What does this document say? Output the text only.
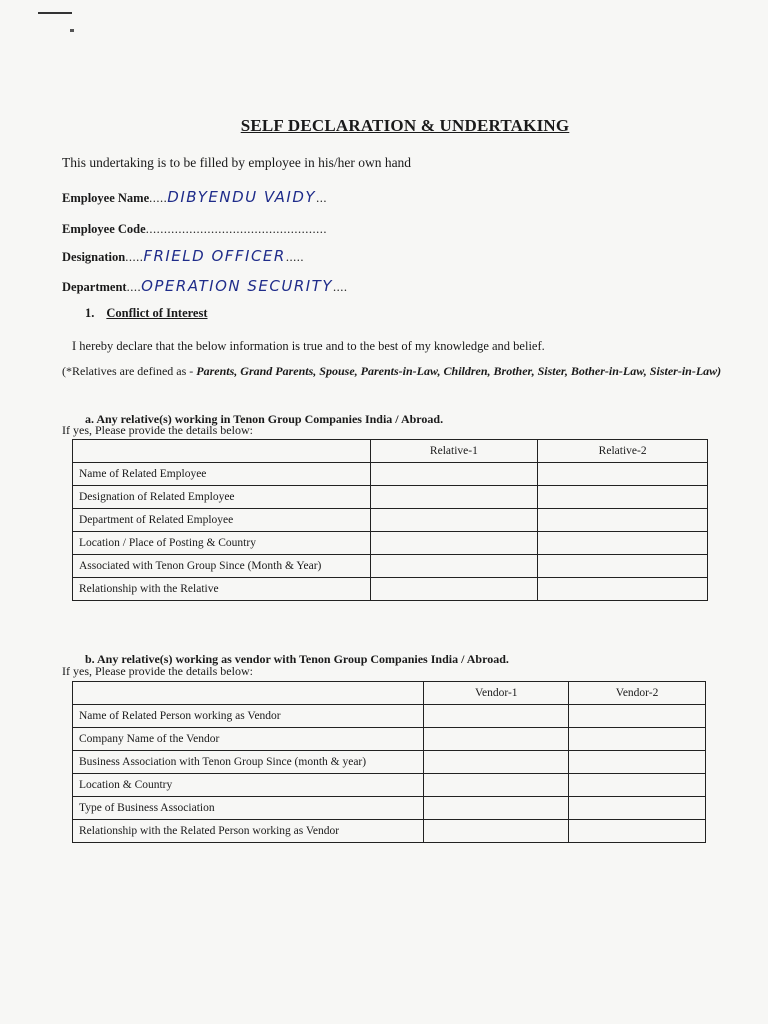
SELF DECLARATION & UNDERTAKING
This undertaking is to be filled by employee in his/her own hand
Employee Name.....DIBYENDU VAIDY...
Employee Code..................................................
Designation.....FRIELD OFFICER.....
Department....OPERATION SECURITY....
1. Conflict of Interest
I hereby declare that the below information is true and to the best of my knowledge and belief.
(*Relatives are defined as - Parents, Grand Parents, Spouse, Parents-in-Law, Children, Brother, Sister, Bother-in-Law, Sister-in-Law)
a. Any relative(s) working in Tenon Group Companies India / Abroad.
If yes, Please provide the details below:
	Relative-1	Relative-2
Name of Related Employee		
Designation of Related Employee		
Department of Related Employee		
Location / Place of Posting & Country		
Associated with Tenon Group Since (Month & Year)		
Relationship with the Relative		
b. Any relative(s) working as vendor with Tenon Group Companies India / Abroad.
If yes, Please provide the details below:
	Vendor-1	Vendor-2
Name of Related Person working as Vendor		
Company Name of the Vendor		
Business Association with Tenon Group Since (month & year)		
Location & Country		
Type of Business Association		
Relationship with the Related Person working as Vendor		
